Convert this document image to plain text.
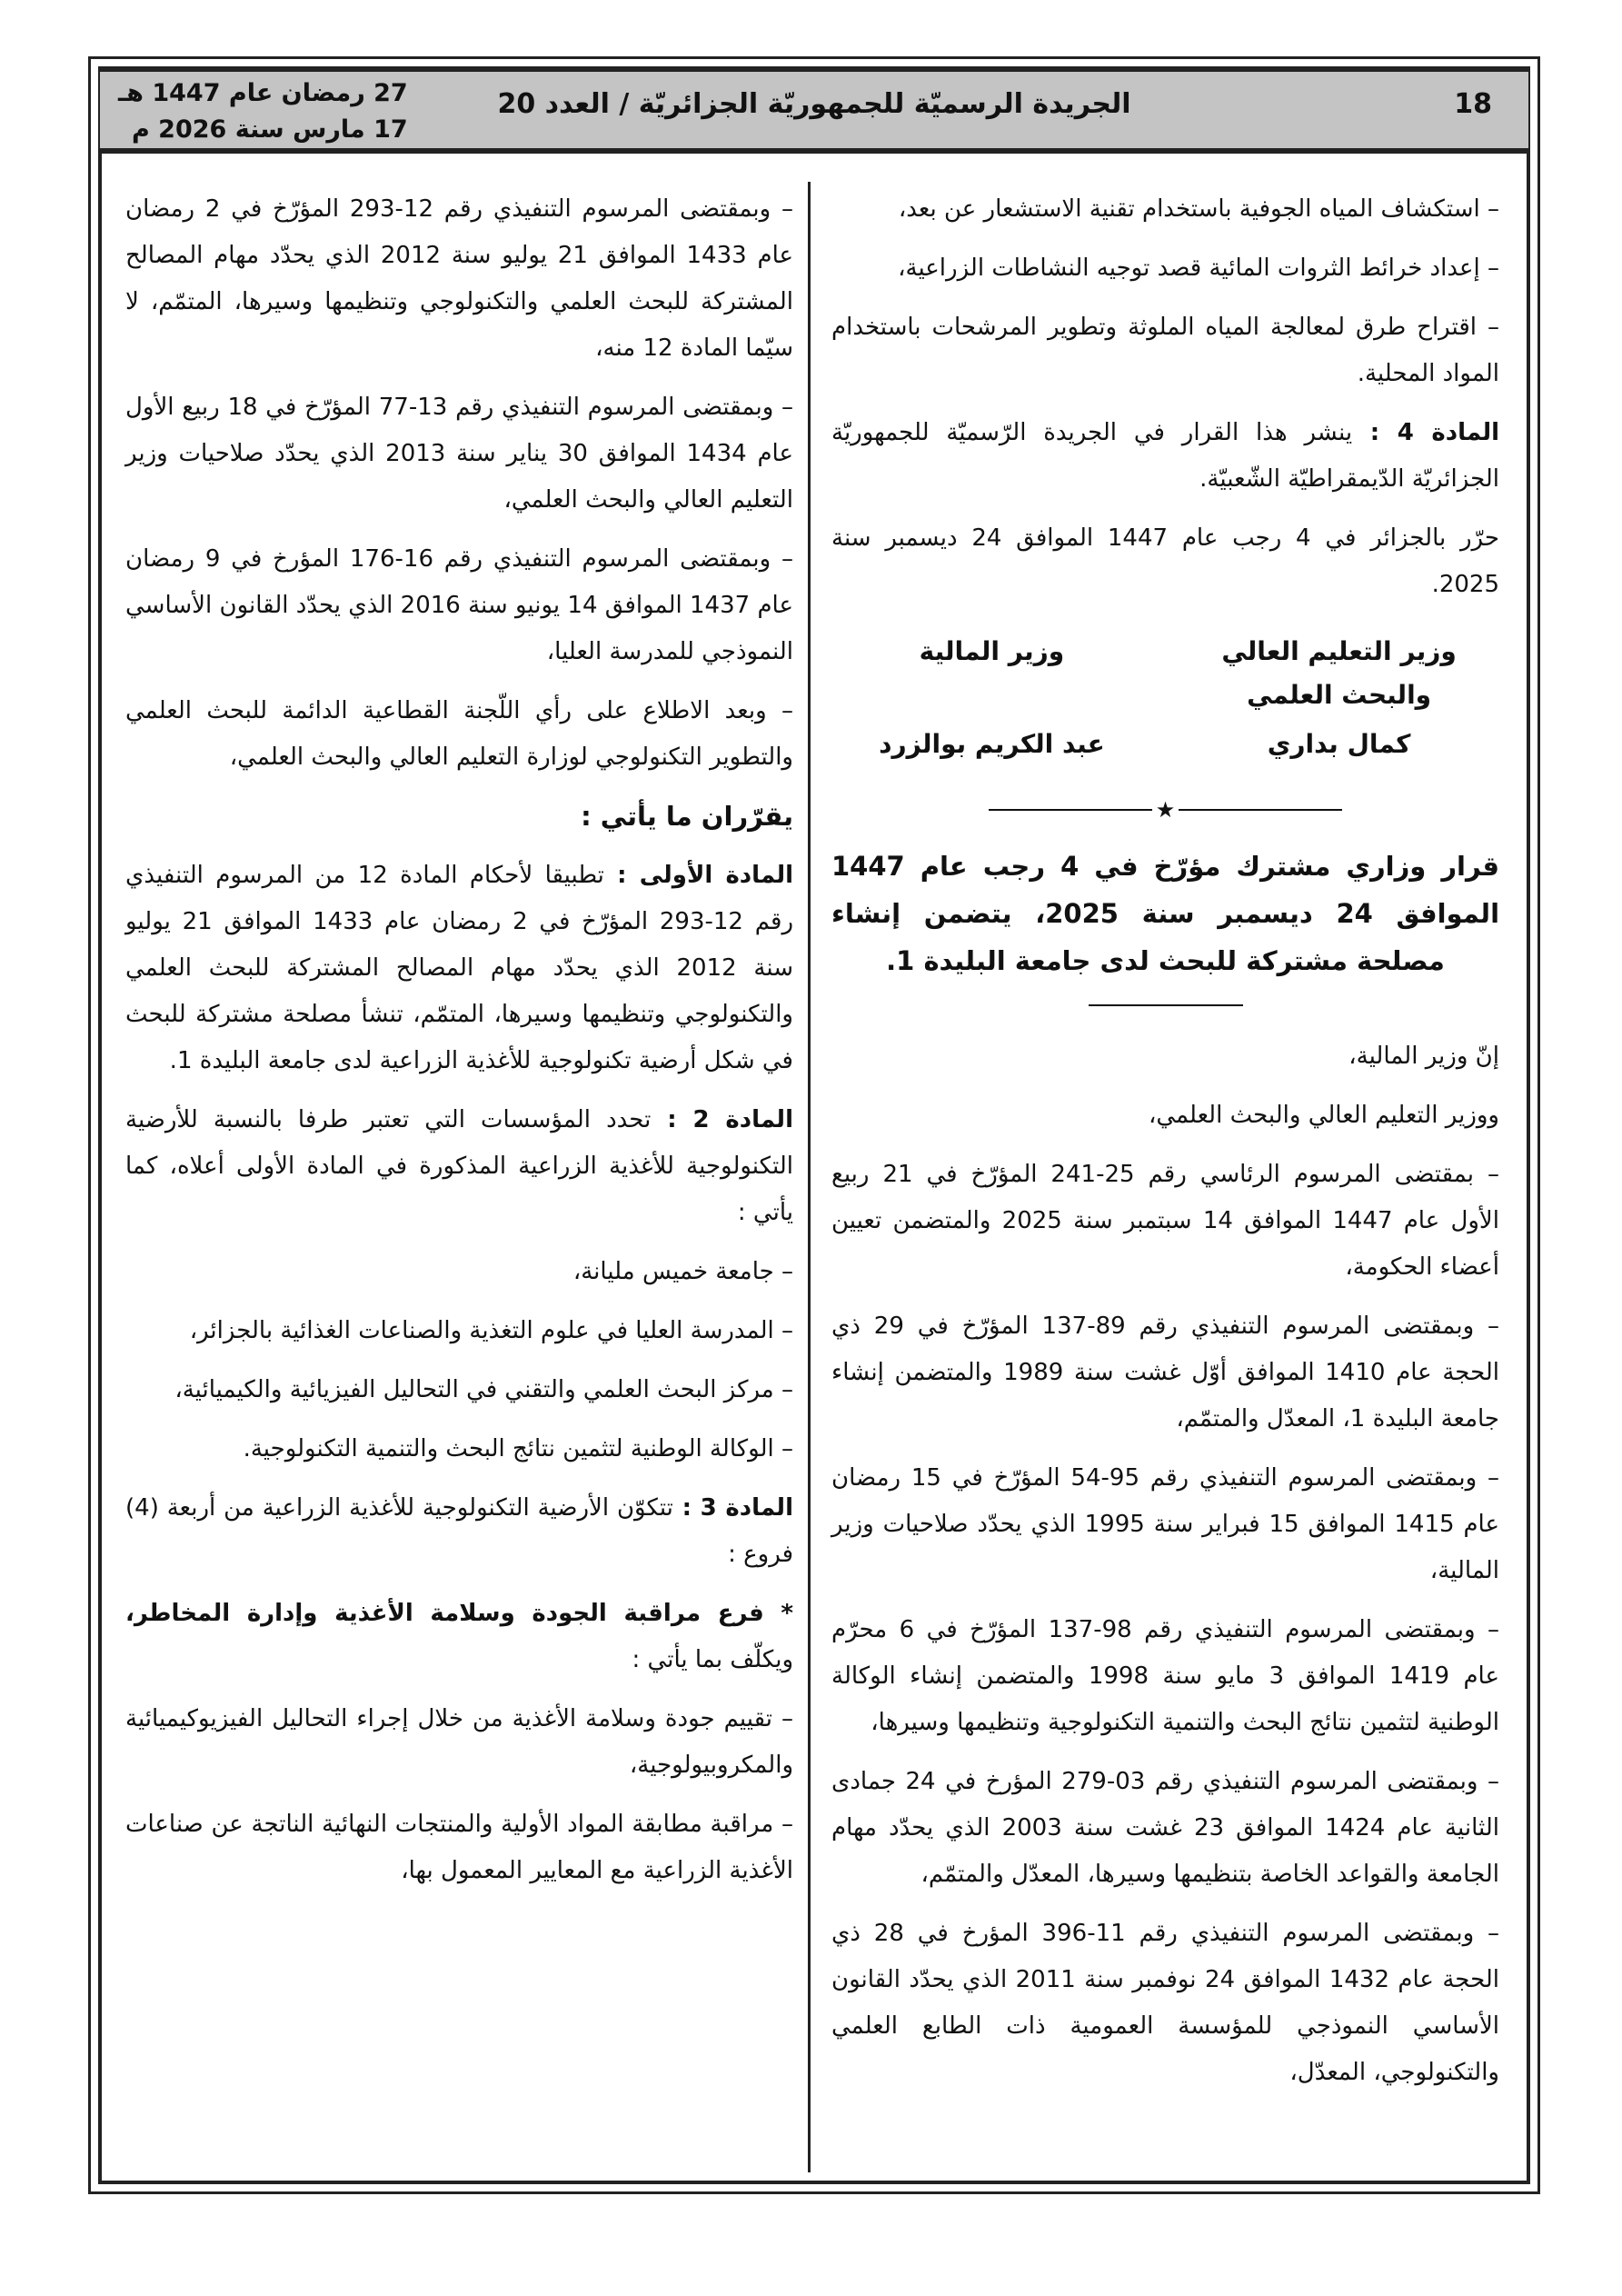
18
الجريدة الرسميّة للجمهوريّة الجزائريّة / العدد 20
27 رمضان عام 1447 هـ
17 مارس سنة 2026 م

– استكشاف المياه الجوفية باستخدام تقنية الاستشعار عن بعد،

– إعداد خرائط الثروات المائية قصد توجيه النشاطات الزراعية،

– اقتراح طرق لمعالجة المياه الملوثة وتطوير المرشحات باستخدام المواد المحلية.

المادة 4 : ينشر هذا القرار في الجريدة الرّسميّة للجمهوريّة الجزائريّة الدّيمقراطيّة الشّعبيّة.

حرّر بالجزائر في 4 رجب عام 1447 الموافق 24 ديسمبر سنة 2025.

وزير التعليم العالي والبحث العلمي
كمال بداري
وزير المالية
عبد الكريم بوالزرد
★
قرار وزاري مشترك مؤرّخ في 4 رجب عام 1447 الموافق 24 ديسمبر سنة 2025، يتضمن إنشاء مصلحة مشتركة للبحث لدى جامعة البليدة 1.

إنّ وزير المالية،

ووزير التعليم العالي والبحث العلمي،

– بمقتضى المرسوم الرئاسي رقم 25-241 المؤرّخ في 21 ربيع الأول عام 1447 الموافق 14 سبتمبر سنة 2025 والمتضمن تعيين أعضاء الحكومة،

– وبمقتضى المرسوم التنفيذي رقم 89-137 المؤرّخ في 29 ذي الحجة عام 1410 الموافق أوّل غشت سنة 1989 والمتضمن إنشاء جامعة البليدة 1، المعدّل والمتمّم،

– وبمقتضى المرسوم التنفيذي رقم 95-54 المؤرّخ في 15 رمضان عام 1415 الموافق 15 فبراير سنة 1995 الذي يحدّد صلاحيات وزير المالية،

– وبمقتضى المرسوم التنفيذي رقم 98-137 المؤرّخ في 6 محرّم عام 1419 الموافق 3 مايو سنة 1998 والمتضمن إنشاء الوكالة الوطنية لتثمين نتائج البحث والتنمية التكنولوجية وتنظيمها وسيرها،

– وبمقتضى المرسوم التنفيذي رقم 03-279 المؤرخ في 24 جمادى الثانية عام 1424 الموافق 23 غشت سنة 2003 الذي يحدّد مهام الجامعة والقواعد الخاصة بتنظيمها وسيرها، المعدّل والمتمّم،

– وبمقتضى المرسوم التنفيذي رقم 11-396 المؤرخ في 28 ذي الحجة عام 1432 الموافق 24 نوفمبر سنة 2011 الذي يحدّد القانون الأساسي النموذجي للمؤسسة العمومية ذات الطابع العلمي والتكنولوجي، المعدّل،

– وبمقتضى المرسوم التنفيذي رقم 12-293 المؤرّخ في 2 رمضان عام 1433 الموافق 21 يوليو سنة 2012 الذي يحدّد مهام المصالح المشتركة للبحث العلمي والتكنولوجي وتنظيمها وسيرها، المتمّم، لا سيّما المادة 12 منه،

– وبمقتضى المرسوم التنفيذي رقم 13-77 المؤرّخ في 18 ربيع الأول عام 1434 الموافق 30 يناير سنة 2013 الذي يحدّد صلاحيات وزير التعليم العالي والبحث العلمي،

– وبمقتضى المرسوم التنفيذي رقم 16-176 المؤرخ في 9 رمضان عام 1437 الموافق 14 يونيو سنة 2016 الذي يحدّد القانون الأساسي النموذجي للمدرسة العليا،

– وبعد الاطلاع على رأي اللّجنة القطاعية الدائمة للبحث العلمي والتطوير التكنولوجي لوزارة التعليم العالي والبحث العلمي،

يقرّران ما يأتي :

المادة الأولى : تطبيقا لأحكام المادة 12 من المرسوم التنفيذي رقم 12-293 المؤرّخ في 2 رمضان عام 1433 الموافق 21 يوليو سنة 2012 الذي يحدّد مهام المصالح المشتركة للبحث العلمي والتكنولوجي وتنظيمها وسيرها، المتمّم، تنشأ مصلحة مشتركة للبحث في شكل أرضية تكنولوجية للأغذية الزراعية لدى جامعة البليدة 1.

المادة 2 : تحدد المؤسسات التي تعتبر طرفا بالنسبة للأرضية التكنولوجية للأغذية الزراعية المذكورة في المادة الأولى أعلاه، كما يأتي :

– جامعة خميس مليانة،

– المدرسة العليا في علوم التغذية والصناعات الغذائية بالجزائر،

– مركز البحث العلمي والتقني في التحاليل الفيزيائية والكيميائية،

– الوكالة الوطنية لتثمين نتائج البحث والتنمية التكنولوجية.

المادة 3 : تتكوّن الأرضية التكنولوجية للأغذية الزراعية من أربعة (4) فروع :

* فرع مراقبة الجودة وسلامة الأغذية وإدارة المخاطر، ويكلّف بما يأتي :

– تقييم جودة وسلامة الأغذية من خلال إجراء التحاليل الفيزيوكيميائية والمكروبيولوجية،

– مراقبة مطابقة المواد الأولية والمنتجات النهائية الناتجة عن صناعات الأغذية الزراعية مع المعايير المعمول بها،
